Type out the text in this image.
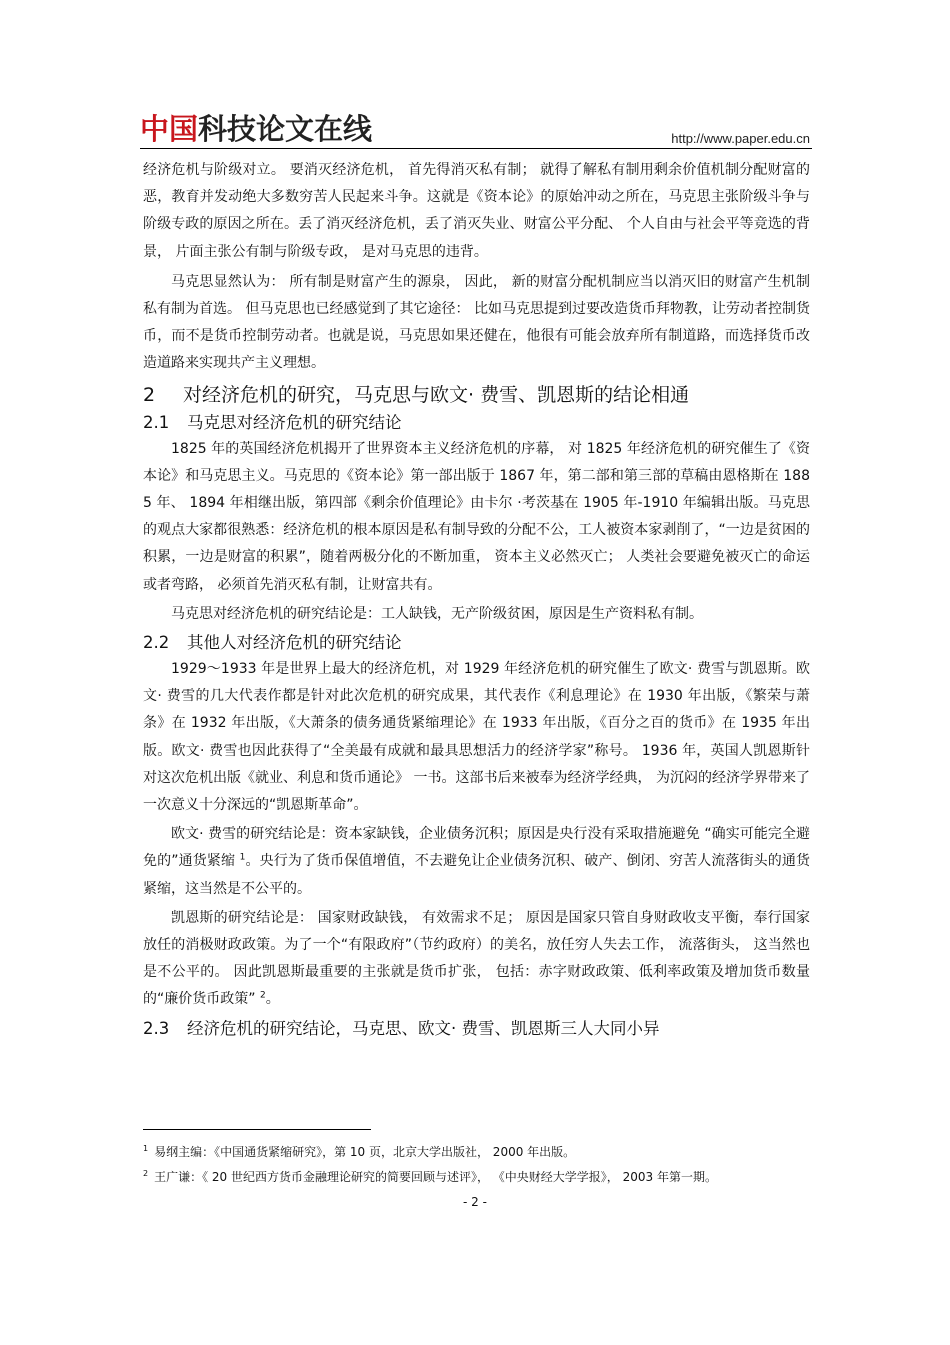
中国 科技论文在线	http://www.paper.edu.cn

经济危机与阶级对立。 要消灭经济危机， 首先得消灭私有制； 就得了解私有制用剩余价值机制分配财富的恶，教育并发动绝大多数穷苦人民起来斗争。这就是《资本论》的原始冲动之所在，马克思主张阶级斗争与阶级专政的原因之所在。丢了消灭经济危机，丢了消灭失业、财富公平分配、 个人自由与社会平等竞选的背景， 片面主张公有制与阶级专政， 是对马克思的违背。

马克思显然认为： 所有制是财富产生的源泉， 因此， 新的财富分配机制应当以消灭旧的财富产生机制私有制为首选。 但马克思也已经感觉到了其它途径： 比如马克思提到过要改造货币拜物教，让劳动者控制货币，而不是货币控制劳动者。也就是说，马克思如果还健在，他很有可能会放弃所有制道路，而选择货币改造道路来实现共产主义理想。

2 对经济危机的研究，马克思与欧文· 费雪、凯恩斯的结论相通
2.1 马克思对经济危机的研究结论

1825 年的英国经济危机揭开了世界资本主义经济危机的序幕， 对 1825 年经济危机的研究催生了《资本论》和马克思主义。马克思的《资本论》第一部出版于 1867 年，第二部和第三部的草稿由恩格斯在 1885 年、 1894 年相继出版，第四部《剩余价值理论》由卡尔 ·考茨基在 1905 年-1910 年编辑出版。马克思的观点大家都很熟悉：经济危机的根本原因是私有制导致的分配不公，工人被资本家剥削了，“一边是贫困的积累，一边是财富的积累”，随着两极分化的不断加重， 资本主义必然灭亡； 人类社会要避免被灭亡的命运或者弯路， 必须首先消灭私有制，让财富共有。

马克思对经济危机的研究结论是：工人缺钱，无产阶级贫困，原因是生产资料私有制。

2.2 其他人对经济危机的研究结论

1929～1933 年是世界上最大的经济危机，对 1929 年经济危机的研究催生了欧文· 费雪与凯恩斯。欧文· 费雪的几大代表作都是针对此次危机的研究成果，其代表作《利息理论》在 1930 年出版，《繁荣与萧条》在 1932 年出版，《大萧条的债务通货紧缩理论》在 1933 年出版，《百分之百的货币》在 1935 年出版。欧文· 费雪也因此获得了“全美最有成就和最具思想活力的经济学家”称号。 1936 年，英国人凯恩斯针对这次危机出版《就业、利息和货币通论》 一书。这部书后来被奉为经济学经典， 为沉闷的经济学界带来了一次意义十分深远的“凯恩斯革命”。

欧文· 费雪的研究结论是：资本家缺钱，企业债务沉积；原因是央行没有采取措施避免 “确实可能完全避免的”通货紧缩 $^1$。央行为了货币保值增值，不去避免让企业债务沉积、破产、倒闭、穷苦人流落街头的通货紧缩，这当然是不公平的。

凯恩斯的研究结论是： 国家财政缺钱， 有效需求不足； 原因是国家只管自身财政收支平衡，奉行国家放任的消极财政政策。为了一个“有限政府”（节约政府）的美名，放任穷人失去工作， 流落街头， 这当然也是不公平的。 因此凯恩斯最重要的主张就是货币扩张， 包括：赤字财政政策、低利率政策及增加货币数量的“廉价货币政策” $^2$。

2.3 经济危机的研究结论，马克思、欧文· 费雪、凯恩斯三人大同小异

$^1$ 易纲主编：《中国通货紧缩研究》，第 10 页，北京大学出版社， 2000 年出版。

$^2$ 王广谦：《 20 世纪西方货币金融理论研究的简要回顾与述评》， 《中央财经大学学报》， 2003 年第一期。

- 2 -
